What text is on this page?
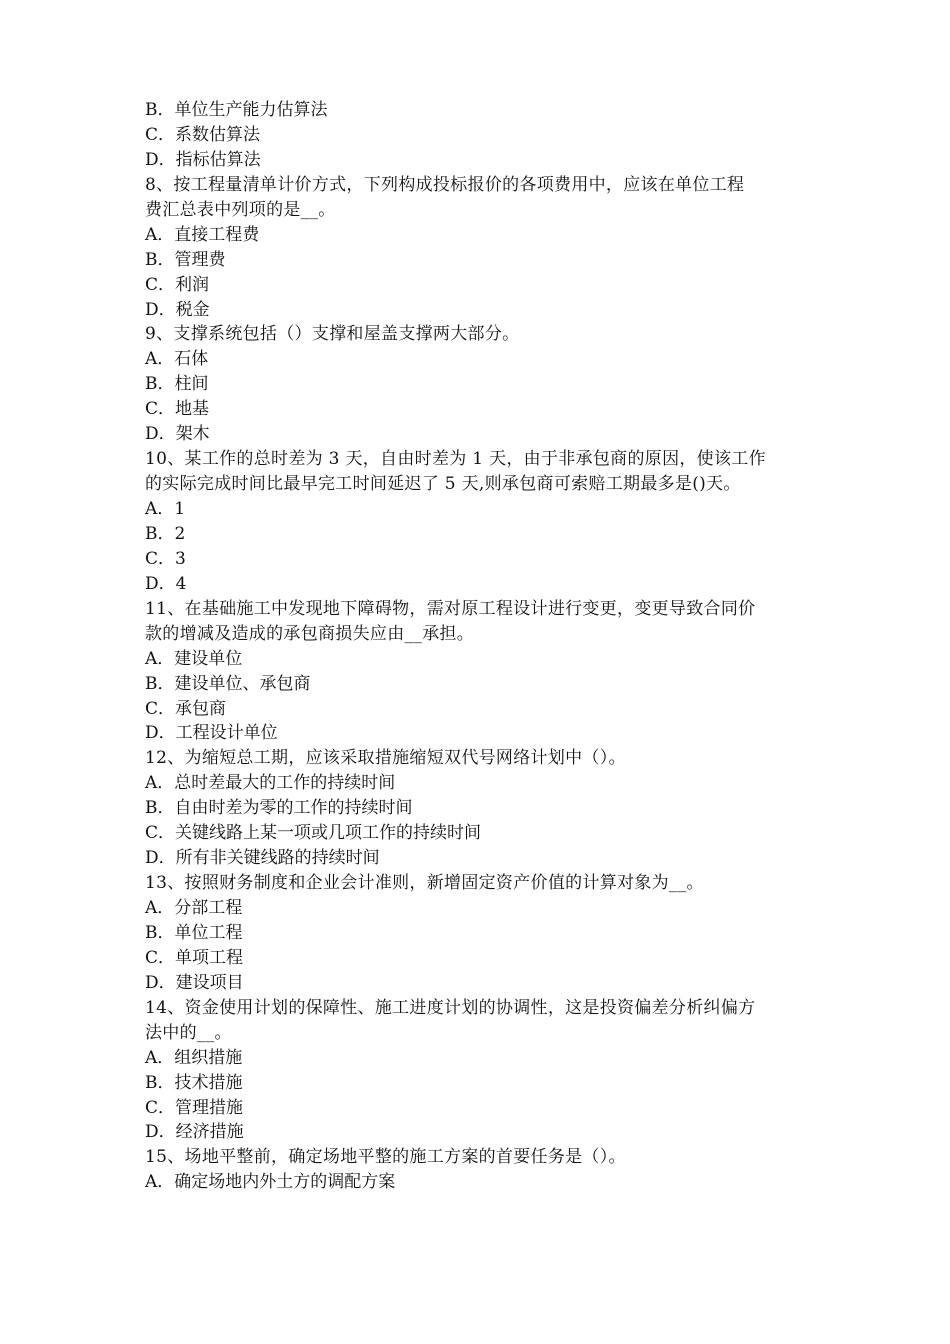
B．单位生产能力估算法
C．系数估算法
D．指标估算法
8、按工程量清单计价方式，下列构成投标报价的各项费用中，应该在单位工程
费汇总表中列项的是__。
A．直接工程费
B．管理费
C．利润
D．税金
9、支撑系统包括（）支撑和屋盖支撑两大部分。
A．石体
B．柱间
C．地基
D．架木
10、某工作的总时差为 3 天，自由时差为 1 天，由于非承包商的原因，使该工作
的实际完成时间比最早完工时间延迟了 5 天,则承包商可索赔工期最多是()天。
A．1
B．2
C．3
D．4
11、在基础施工中发现地下障碍物，需对原工程设计进行变更，变更导致合同价
款的增减及造成的承包商损失应由__承担。
A．建设单位
B．建设单位、承包商
C．承包商
D．工程设计单位
12、为缩短总工期，应该采取措施缩短双代号网络计划中（）。
A．总时差最大的工作的持续时间
B．自由时差为零的工作的持续时间
C．关键线路上某一项或几项工作的持续时间
D．所有非关键线路的持续时间
13、按照财务制度和企业会计准则，新增固定资产价值的计算对象为__。
A．分部工程
B．单位工程
C．单项工程
D．建设项目
14、资金使用计划的保障性、施工进度计划的协调性，这是投资偏差分析纠偏方
法中的__。
A．组织措施
B．技术措施
C．管理措施
D．经济措施
15、场地平整前，确定场地平整的施工方案的首要任务是（）。
A．确定场地内外土方的调配方案
